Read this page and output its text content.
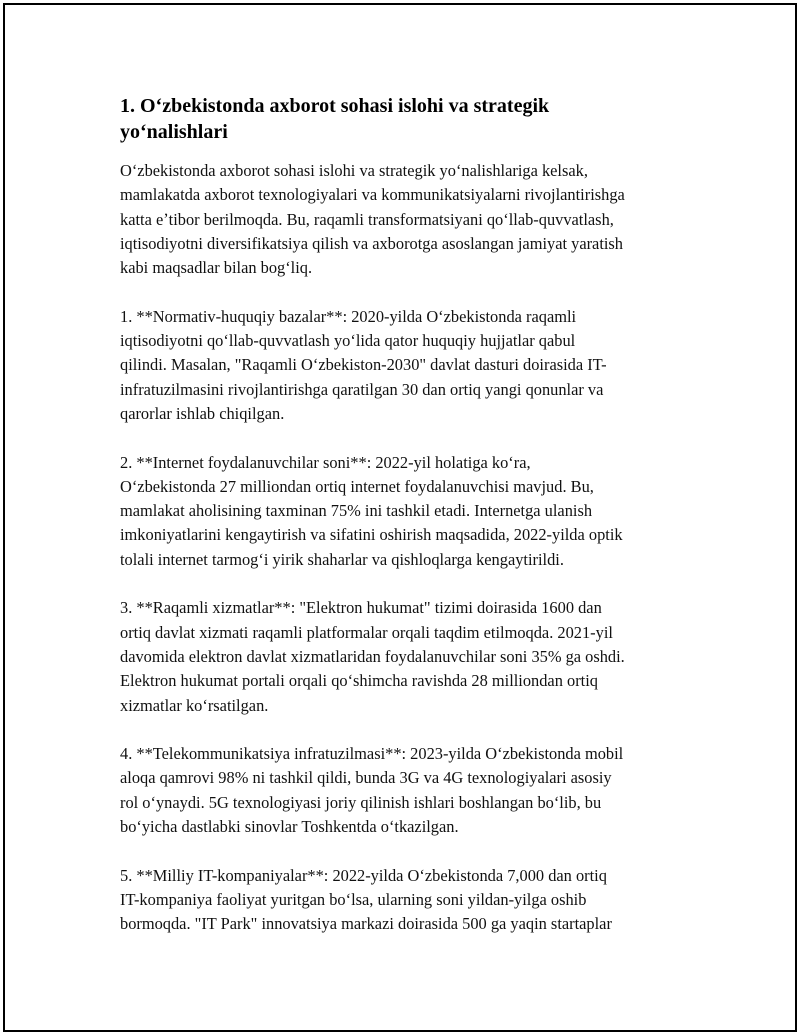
1. Oʻzbekistonda axborot sohasi islohi va strategik
yoʻnalishlari

Oʻzbekistonda axborot sohasi islohi va strategik yoʻnalishlariga kelsak,
mamlakatda axborot texnologiyalari va kommunikatsiyalarni rivojlantirishga
katta eʼtibor berilmoqda. Bu, raqamli transformatsiyani qoʻllab-quvvatlash,
iqtisodiyotni diversifikatsiya qilish va axborotga asoslangan jamiyat yaratish
kabi maqsadlar bilan bogʻliq.

1. **Normativ-huquqiy bazalar**: 2020-yilda Oʻzbekistonda raqamli
iqtisodiyotni qoʻllab-quvvatlash yoʻlida qator huquqiy hujjatlar qabul
qilindi. Masalan, "Raqamli Oʻzbekiston-2030" davlat dasturi doirasida IT-
infratuzilmasini rivojlantirishga qaratilgan 30 dan ortiq yangi qonunlar va
qarorlar ishlab chiqilgan.

2. **Internet foydalanuvchilar soni**: 2022-yil holatiga koʻra,
Oʻzbekistonda 27 milliondan ortiq internet foydalanuvchisi mavjud. Bu,
mamlakat aholisining taxminan 75% ini tashkil etadi. Internetga ulanish
imkoniyatlarini kengaytirish va sifatini oshirish maqsadida, 2022-yilda optik
tolali internet tarmogʻi yirik shaharlar va qishloqlarga kengaytirildi.

3. **Raqamli xizmatlar**: "Elektron hukumat" tizimi doirasida 1600 dan
ortiq davlat xizmati raqamli platformalar orqali taqdim etilmoqda. 2021-yil
davomida elektron davlat xizmatlaridan foydalanuvchilar soni 35% ga oshdi.
Elektron hukumat portali orqali qoʻshimcha ravishda 28 milliondan ortiq
xizmatlar koʻrsatilgan.

4. **Telekommunikatsiya infratuzilmasi**: 2023-yilda Oʻzbekistonda mobil
aloqa qamrovi 98% ni tashkil qildi, bunda 3G va 4G texnologiyalari asosiy
rol oʻynaydi. 5G texnologiyasi joriy qilinish ishlari boshlangan boʻlib, bu
boʻyicha dastlabki sinovlar Toshkentda oʻtkazilgan.

5. **Milliy IT-kompaniyalar**: 2022-yilda Oʻzbekistonda 7,000 dan ortiq
IT-kompaniya faoliyat yuritgan boʻlsa, ularning soni yildan-yilga oshib
bormoqda. "IT Park" innovatsiya markazi doirasida 500 ga yaqin startaplar
